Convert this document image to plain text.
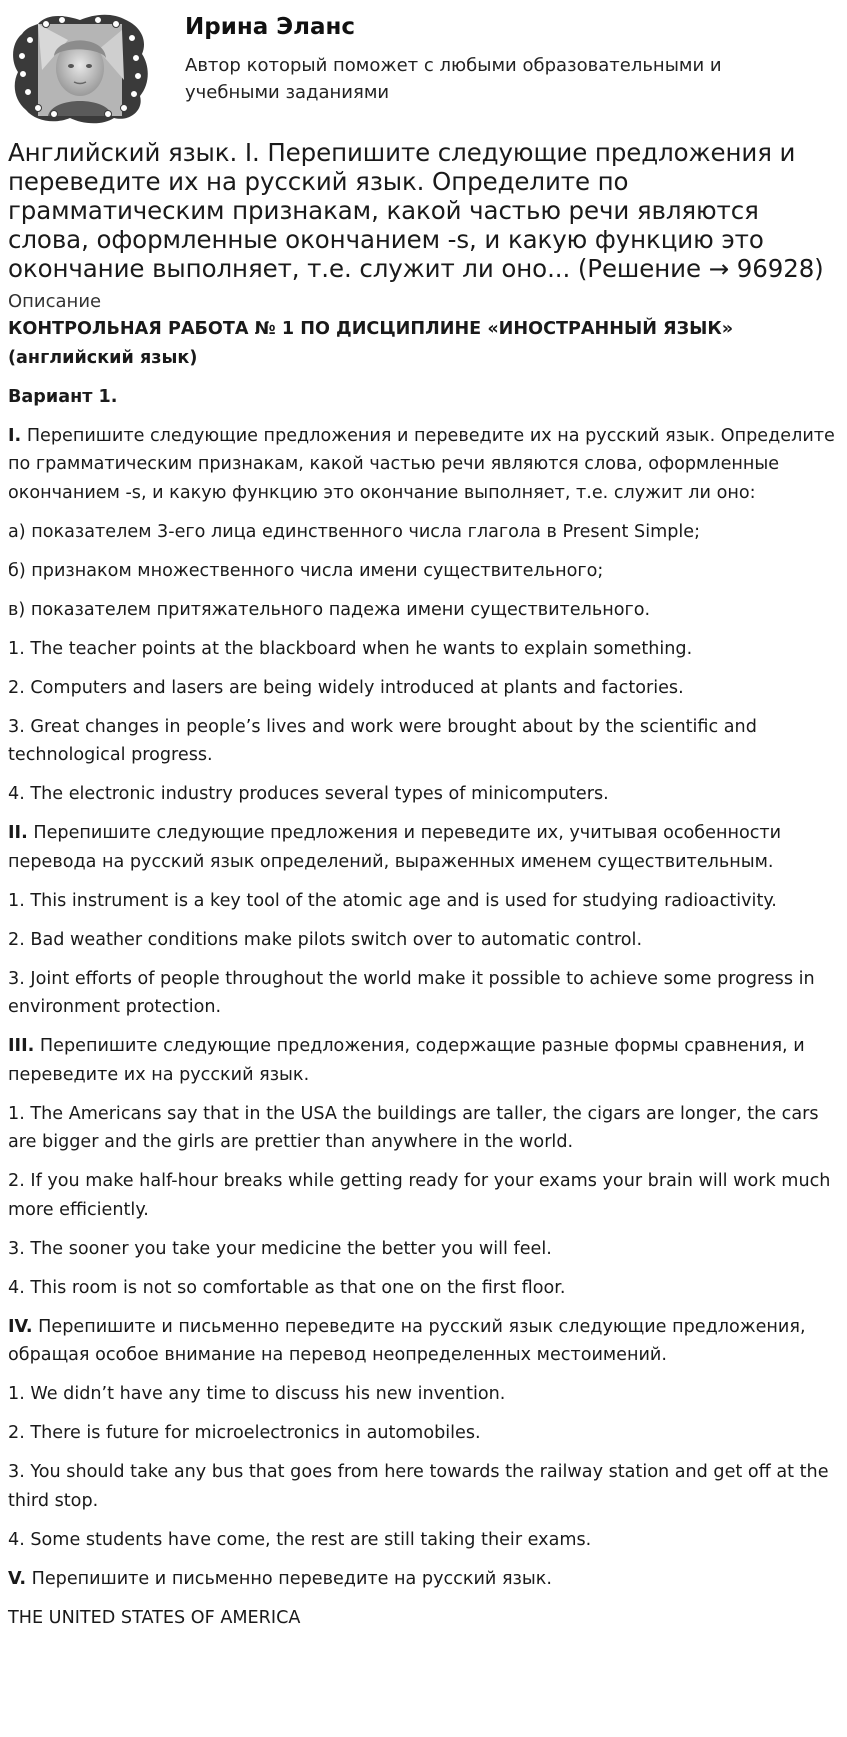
Ирина Эланс
Автор который поможет с любыми образовательными и учебными заданиями
Английский язык. I. Перепишите следующие предложения и переведите их на русский язык. Определите по грамматическим признакам, какой частью речи являются слова, оформленные окончанием -s, и какую функцию это окончание выполняет, т.е. служит ли оно... (Решение → 96928)
Описание

КОНТРОЛЬНАЯ РАБОТА № 1 ПО ДИСЦИПЛИНЕ «ИНОСТРАННЫЙ ЯЗЫК» (английский язык)

Вариант 1.

I. Перепишите следующие предложения и переведите их на русский язык. Определите по грамматическим признакам, какой частью речи являются слова, оформленные окончанием -s, и какую функцию это окончание выполняет, т.е. служит ли оно:

а) показателем 3-его лица единственного числа глагола в Present Simple;

б) признаком множественного числа имени существительного;

в) показателем притяжательного падежа имени существительного.

1. The teacher points at the blackboard when he wants to explain something.

2. Computers and lasers are being widely introduced at plants and factories.

3. Great changes in people’s lives and work were brought about by the scientific and technological progress.

4. The electronic industry produces several types of minicomputers.

II. Перепишите следующие предложения и переведите их, учитывая особенности перевода на русский язык определений, выраженных именем существительным.

1. This instrument is a key tool of the atomic age and is used for studying radioactivity.

2. Bad weather conditions make pilots switch over to automatic control.

3. Joint efforts of people throughout the world make it possible to achieve some progress in environment protection.

III. Перепишите следующие предложения, содержащие разные формы сравнения, и переведите их на русский язык.

1. The Americans say that in the USA the buildings are taller, the cigars are longer, the cars are bigger and the girls are prettier than anywhere in the world.

2. If you make half-hour breaks while getting ready for your exams your brain will work much more efficiently.

3. The sooner you take your medicine the better you will feel.

4. This room is not so comfortable as that one on the first floor.

IV. Перепишите и письменно переведите на русский язык следующие предложения, обращая особое внимание на перевод неопределенных местоимений.

1. We didn’t have any time to discuss his new invention.

2. There is future for microelectronics in automobiles.

3. You should take any bus that goes from here towards the railway station and get off at the third stop.

4. Some students have come, the rest are still taking their exams.

V. Перепишите и письменно переведите на русский язык.

THE UNITED STATES OF AMERICA
